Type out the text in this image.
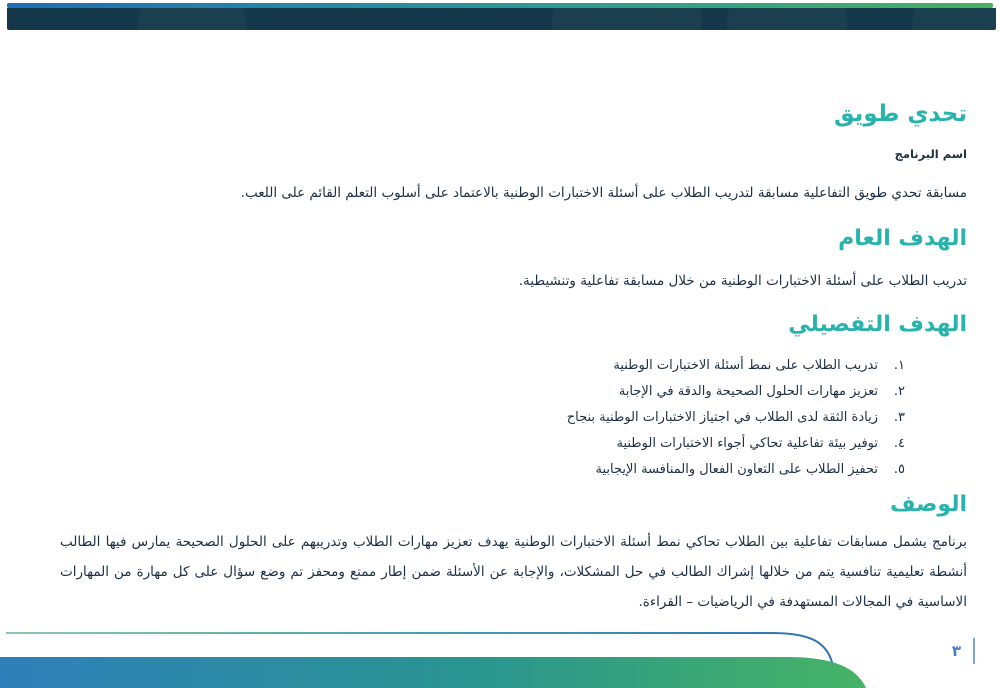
تحدي طويق
اسم البرنامج

مسابقة تحدي طويق التفاعلية مسابقة لتدريب الطلاب على أسئلة الاختبارات الوطنية بالاعتماد على أسلوب التعلم القائم على اللعب.

الهدف العام

تدريب الطلاب على أسئلة الاختبارات الوطنية من خلال مسابقة تفاعلية وتنشيطية.

الهدف التفصيلي
١.
تدريب الطلاب على نمط أسئلة الاختبارات الوطنية
٢.
تعزيز مهارات الحلول الصحيحة والدقة في الإجابة
٣.
زيادة الثقة لدى الطلاب في اجتياز الاختبارات الوطنية بنجاح
٤.
توفير بيئة تفاعلية تحاكي أجواء الاختبارات الوطنية
٥.
تحفيز الطلاب على التعاون الفعال والمنافسة الإيجابية
الوصف

برنامج يشمل مسابقات تفاعلية بين الطلاب تحاكي نمط أسئلة الاختبارات الوطنية يهدف تعزيز مهارات الطلاب وتدريبهم على الحلول الصحيحة يمارس فيها الطالب أنشطة تعليمية تنافسية يتم من خلالها إشراك الطالب في حل المشكلات، والإجابة عن الأسئلة ضمن إطار ممتع ومحفز تم وضع سؤال على كل مهارة من المهارات الاساسية في المجالات المستهدفة في الرياضيات – القراءة.

٣
